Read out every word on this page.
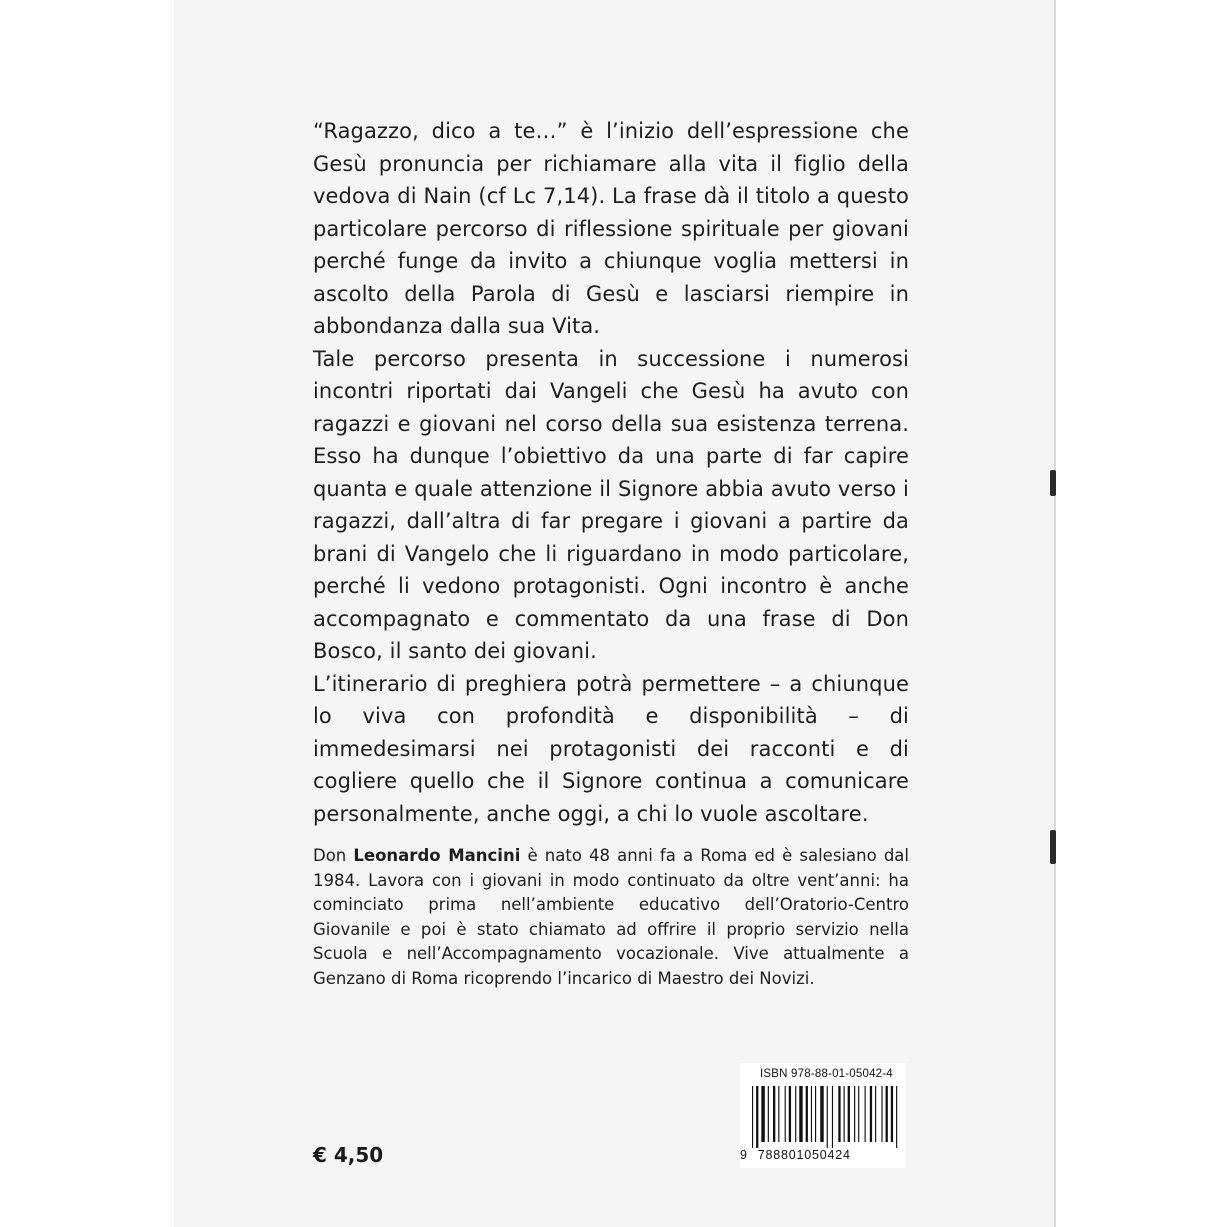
“Ragazzo, dico a te…” è l’inizio dell’espressione che Gesù pronuncia per richiamare alla vita il figlio della vedova di Nain (cf Lc 7,14). La frase dà il titolo a questo particolare percorso di riflessione spirituale per giovani perché funge da invito a chiunque voglia mettersi in ascolto della Parola di Gesù e lasciarsi riempire in abbondanza dalla sua Vita.

Tale percorso presenta in successione i numerosi incontri riportati dai Vangeli che Gesù ha avuto con ragazzi e giovani nel corso della sua esistenza terrena. Esso ha dunque l’obiettivo da una parte di far capire quanta e quale attenzione il Signore abbia avuto verso i ragazzi, dall’altra di far pregare i giovani a partire da brani di Vangelo che li riguardano in modo particolare, perché li vedono protagonisti. Ogni incontro è anche accompagnato e commentato da una frase di Don Bosco, il santo dei giovani.

L’itinerario di preghiera potrà permettere – a chiunque lo viva con profondità e disponibilità – di immedesimarsi nei protagonisti dei racconti e di cogliere quello che il Signore continua a comunicare personalmente, anche oggi, a chi lo vuole ascoltare.

Don Leonardo Mancini è nato 48 anni fa a Roma ed è salesiano dal 1984. Lavora con i giovani in modo continuato da oltre vent’anni: ha cominciato prima nell’ambiente educativo dell’Oratorio-Centro Giovanile e poi è stato chiamato ad offrire il proprio servizio nella Scuola e nell’Accompagnamento vocazionale. Vive attualmente a Genzano di Roma ricoprendo l’incarico di Maestro dei Novizi.
€ 4,50
ISBN 978-88-01-05042-4
9 788801050424
